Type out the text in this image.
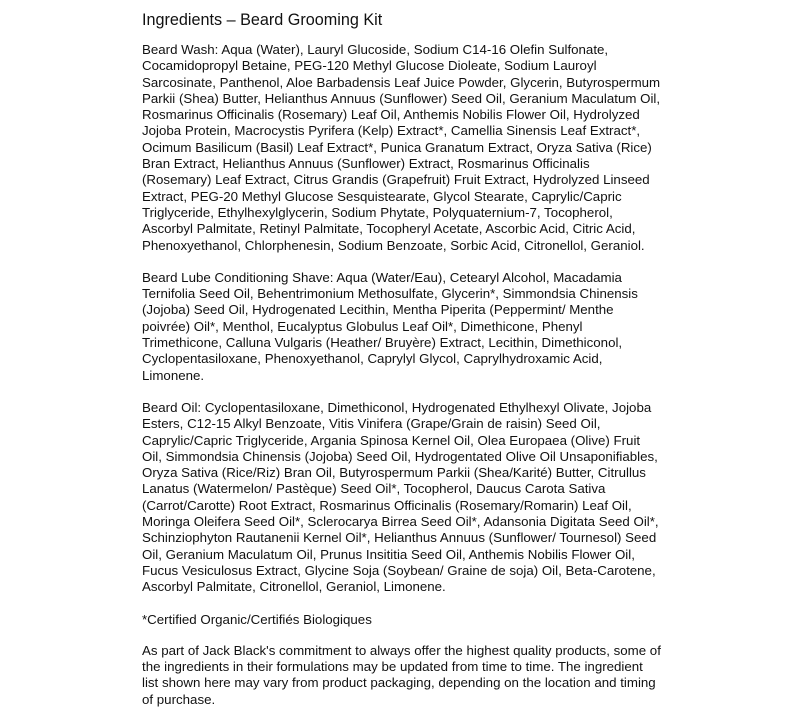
Ingredients – Beard Grooming Kit

Beard Wash: Aqua (Water), Lauryl Glucoside, Sodium C14-16 Olefin Sulfonate, Cocamidopropyl Betaine, PEG-120 Methyl Glucose Dioleate, Sodium Lauroyl Sarcosinate, Panthenol, Aloe Barbadensis Leaf Juice Powder, Glycerin, Butyrospermum Parkii (Shea) Butter, Helianthus Annuus (Sunflower) Seed Oil, Geranium Maculatum Oil, Rosmarinus Officinalis (Rosemary) Leaf Oil, Anthemis Nobilis Flower Oil, Hydrolyzed Jojoba Protein, Macrocystis Pyrifera (Kelp) Extract*, Camellia Sinensis Leaf Extract*, Ocimum Basilicum (Basil) Leaf Extract*, Punica Granatum Extract, Oryza Sativa (Rice) Bran Extract, Helianthus Annuus (Sunflower) Extract, Rosmarinus Officinalis (Rosemary) Leaf Extract, Citrus Grandis (Grapefruit) Fruit Extract, Hydrolyzed Linseed Extract, PEG-20 Methyl Glucose Sesquistearate, Glycol Stearate, Caprylic/Capric Triglyceride, Ethylhexylglycerin, Sodium Phytate, Polyquaternium-7, Tocopherol, Ascorbyl Palmitate, Retinyl Palmitate, Tocopheryl Acetate, Ascorbic Acid, Citric Acid, Phenoxyethanol, Chlorphenesin, Sodium Benzoate, Sorbic Acid, Citronellol, Geraniol.

Beard Lube Conditioning Shave: Aqua (Water/Eau), Cetearyl Alcohol, Macadamia Ternifolia Seed Oil, Behentrimonium Methosulfate, Glycerin*, Simmondsia Chinensis (Jojoba) Seed Oil, Hydrogenated Lecithin, Mentha Piperita (Peppermint/ Menthe poivrée) Oil*, Menthol, Eucalyptus Globulus Leaf Oil*, Dimethicone, Phenyl Trimethicone, Calluna Vulgaris (Heather/ Bruyère) Extract, Lecithin, Dimethiconol, Cyclopentasiloxane, Phenoxyethanol, Caprylyl Glycol, Caprylhydroxamic Acid, Limonene.

Beard Oil: Cyclopentasiloxane, Dimethiconol, Hydrogenated Ethylhexyl Olivate, Jojoba Esters, C12-15 Alkyl Benzoate, Vitis Vinifera (Grape/Grain de raisin) Seed Oil, Caprylic/Capric Triglyceride, Argania Spinosa Kernel Oil, Olea Europaea (Olive) Fruit Oil, Simmondsia Chinensis (Jojoba) Seed Oil, Hydrogentated Olive Oil Unsaponifiables, Oryza Sativa (Rice/Riz) Bran Oil, Butyrospermum Parkii (Shea/Karité) Butter, Citrullus Lanatus (Watermelon/ Pastèque) Seed Oil*, Tocopherol, Daucus Carota Sativa (Carrot/Carotte) Root Extract, Rosmarinus Officinalis (Rosemary/Romarin) Leaf Oil, Moringa Oleifera Seed Oil*, Sclerocarya Birrea Seed Oil*, Adansonia Digitata Seed Oil*, Schinziophyton Rautanenii Kernel Oil*, Helianthus Annuus (Sunflower/ Tournesol) Seed Oil, Geranium Maculatum Oil, Prunus Insititia Seed Oil, Anthemis Nobilis Flower Oil, Fucus Vesiculosus Extract, Glycine Soja (Soybean/ Graine de soja) Oil, Beta-Carotene, Ascorbyl Palmitate, Citronellol, Geraniol, Limonene.

*Certified Organic/Certifiés Biologiques

As part of Jack Black's commitment to always offer the highest quality products, some of the ingredients in their formulations may be updated from time to time. The ingredient list shown here may vary from product packaging, depending on the location and timing of purchase.
